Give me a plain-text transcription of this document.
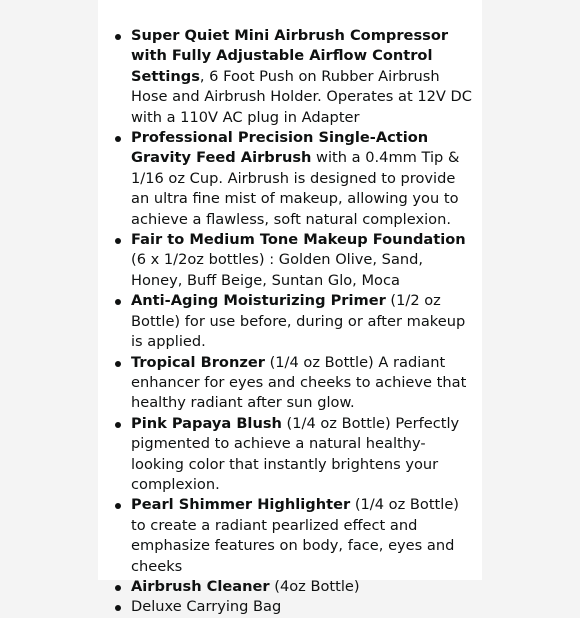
Super Quiet Mini Airbrush Compressor with Fully Adjustable Airflow Control Settings, 6 Foot Push on Rubber Airbrush Hose and Airbrush Holder. Operates at 12V DC with a 110V AC plug in Adapter
Professional Precision Single-Action Gravity Feed Airbrush with a 0.4mm Tip & 1/16 oz Cup. Airbrush is designed to provide an ultra fine mist of makeup, allowing you to achieve a flawless, soft natural complexion.
Fair to Medium Tone Makeup Foundation (6 x 1/2oz bottles) : Golden Olive, Sand, Honey, Buff Beige, Suntan Glo, Moca
Anti-Aging Moisturizing Primer (1/2 oz Bottle) for use before, during or after makeup is applied.
Tropical Bronzer (1/4 oz Bottle) A radiant enhancer for eyes and cheeks to achieve that healthy radiant after sun glow.
Pink Papaya Blush (1/4 oz Bottle) Perfectly pigmented to achieve a natural healthy-looking color that instantly brightens your complexion.
Pearl Shimmer Highlighter (1/4 oz Bottle) to create a radiant pearlized effect and emphasize features on body, face, eyes and cheeks
Airbrush Cleaner (4oz Bottle)
Deluxe Carrying Bag
